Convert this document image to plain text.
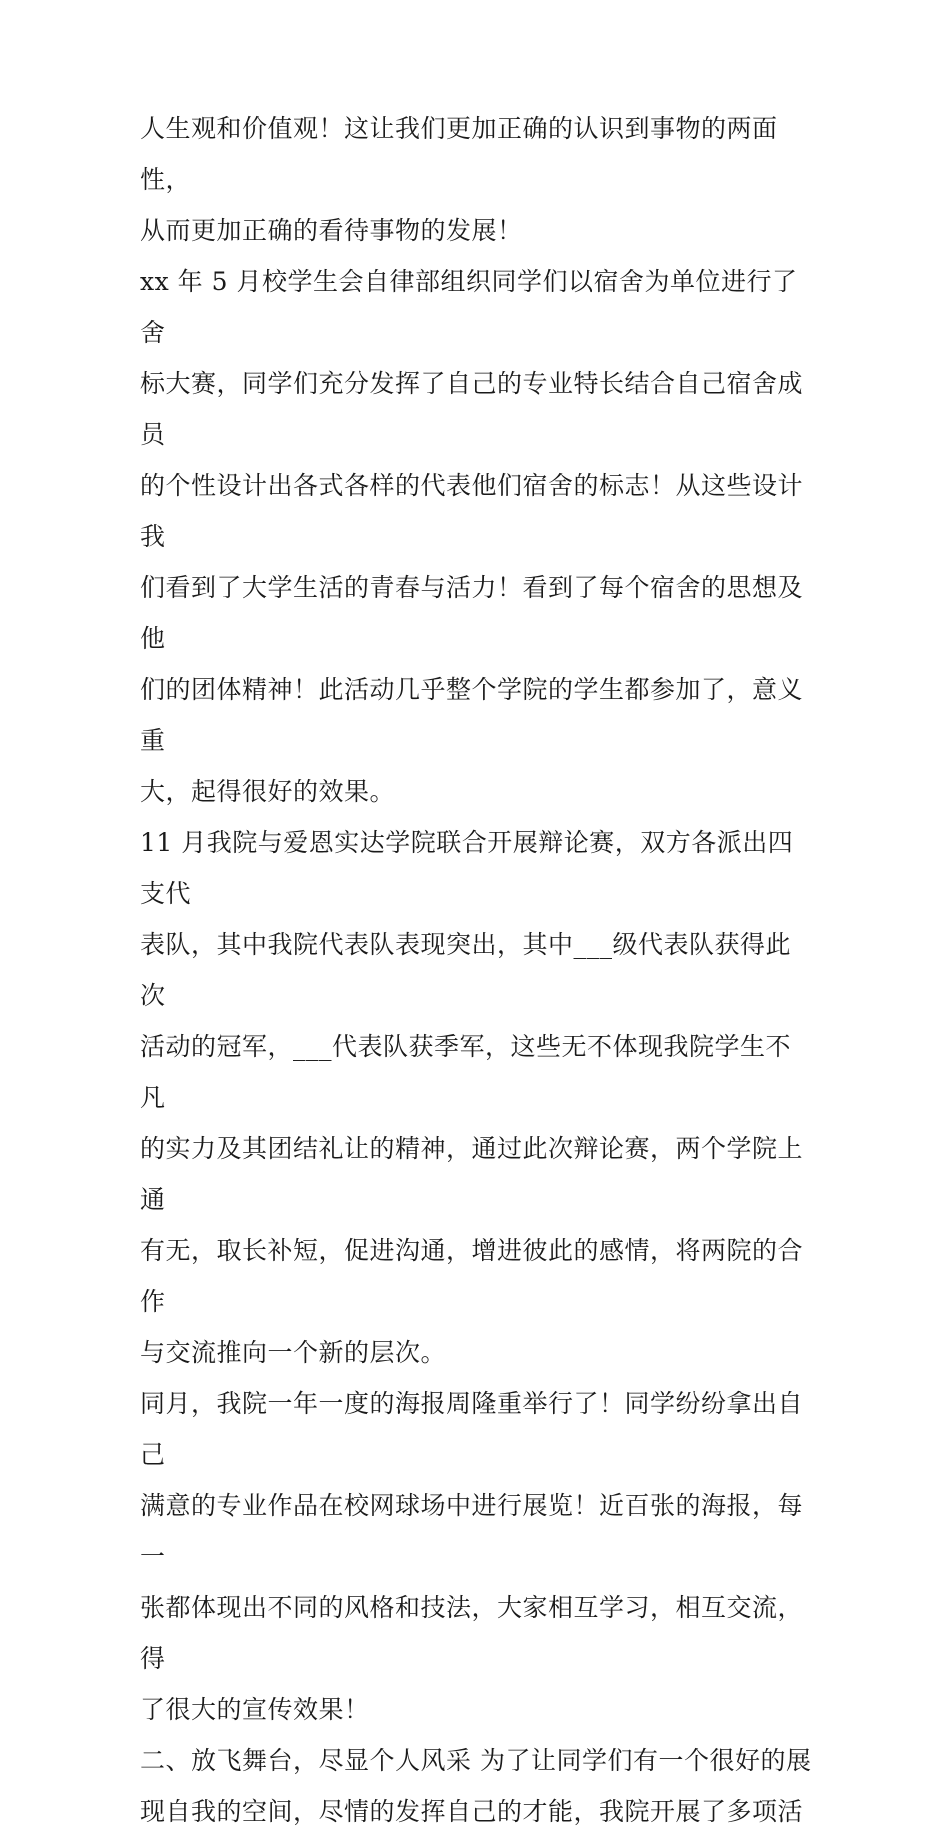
人生观和价值观！这让我们更加正确的认识到事物的两面性，
从而更加正确的看待事物的发展！

xx 年 5 月校学生会自律部组织同学们以宿舍为单位进行了舍
标大赛，同学们充分发挥了自己的专业特长结合自己宿舍成员
的个性设计出各式各样的代表他们宿舍的标志！从这些设计我
们看到了大学生活的青春与活力！看到了每个宿舍的思想及他
们的团体精神！此活动几乎整个学院的学生都参加了，意义重
大，起得很好的效果。

11 月我院与爱恩实达学院联合开展辩论赛，双方各派出四支代
表队，其中我院代表队表现突出，其中___级代表队获得此次
活动的冠军，___代表队获季军，这些无不体现我院学生不凡
的实力及其团结礼让的精神，通过此次辩论赛，两个学院上通
有无，取长补短，促进沟通，增进彼此的感情，将两院的合作
与交流推向一个新的层次。

同月，我院一年一度的海报周隆重举行了！同学纷纷拿出自己
满意的专业作品在校网球场中进行展览！近百张的海报，每一
张都体现出不同的风格和技法，大家相互学习，相互交流，得
了很大的宣传效果！

二、放飞舞台，尽显个人风采 为了让同学们有一个很好的展
现自我的空间，尽情的发挥自己的才能，我院开展了多项活
